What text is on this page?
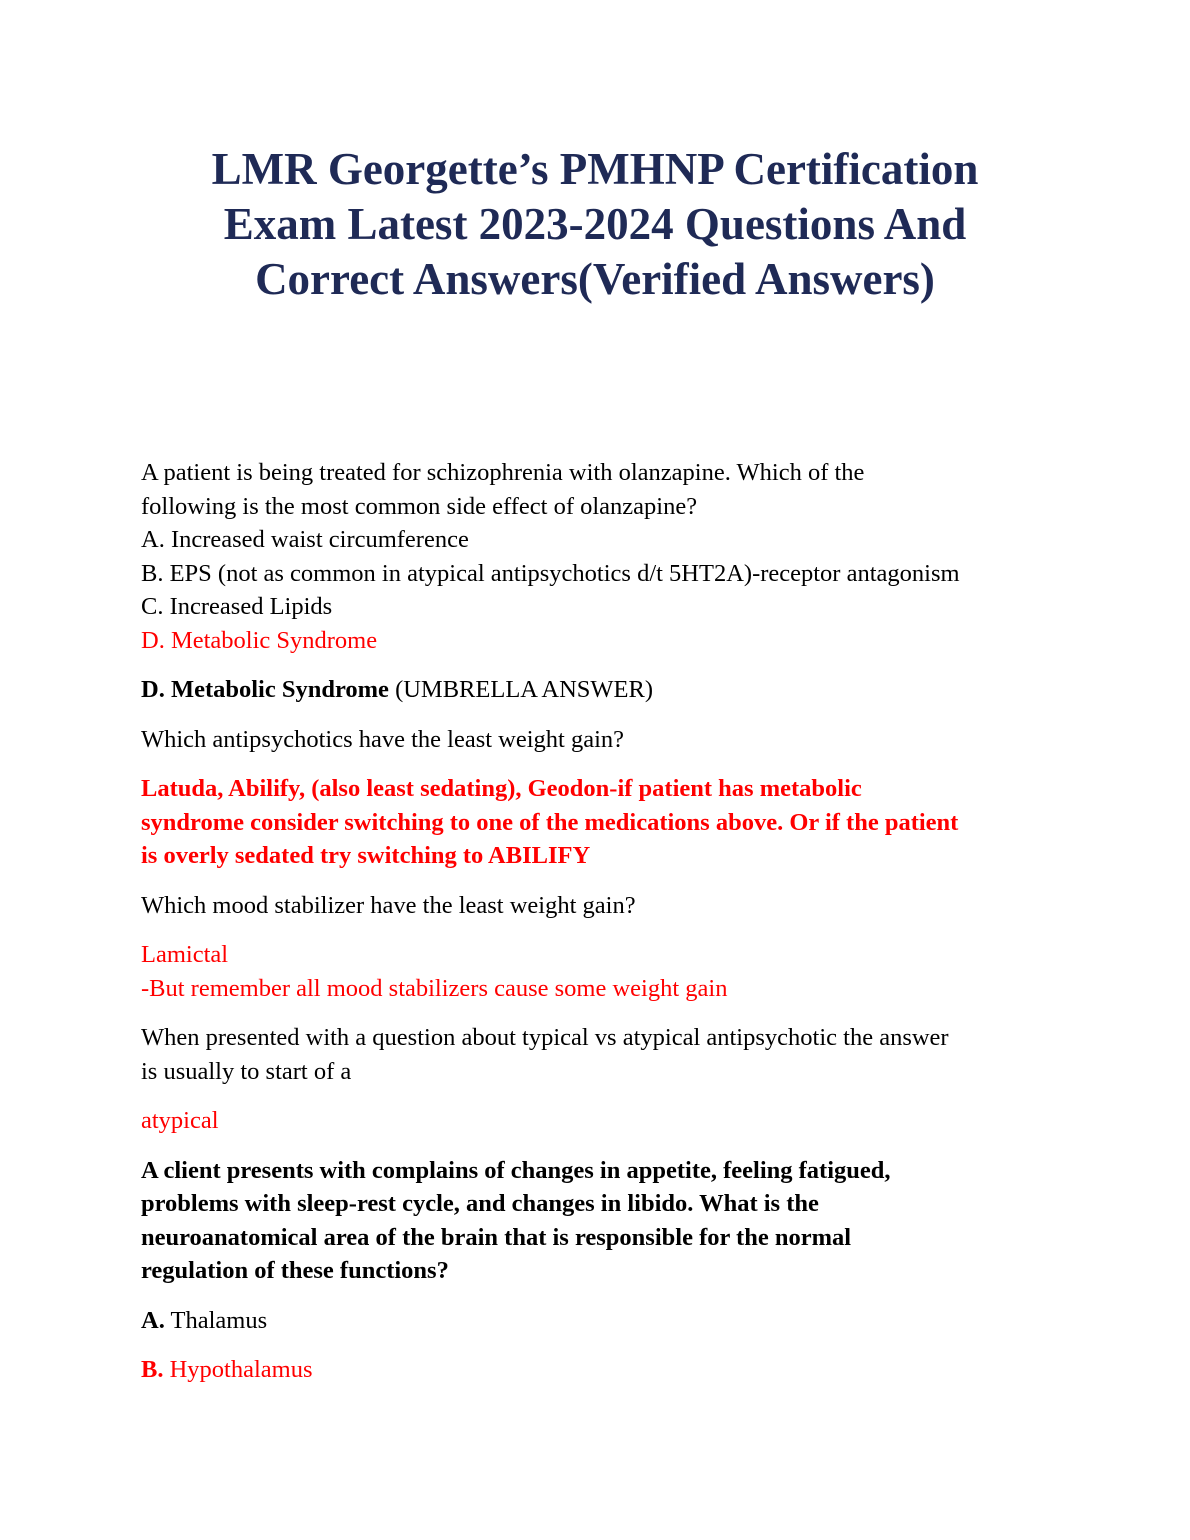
LMR Georgette’s PMHNP Certification
Exam Latest 2023-2024 Questions And
Correct Answers(Verified Answers)

A patient is being treated for schizophrenia with olanzapine. Which of the
following is the most common side effect of olanzapine?
A. Increased waist circumference
B. EPS (not as common in atypical antipsychotics d/t 5HT2A)-receptor antagonism
C. Increased Lipids
D. Metabolic Syndrome

D. Metabolic Syndrome (UMBRELLA ANSWER)

Which antipsychotics have the least weight gain?

Latuda, Abilify, (also least sedating), Geodon-if patient has metabolic
syndrome consider switching to one of the medications above. Or if the patient
is overly sedated try switching to ABILIFY

Which mood stabilizer have the least weight gain?

Lamictal
-But remember all mood stabilizers cause some weight gain

When presented with a question about typical vs atypical antipsychotic the answer
is usually to start of a

atypical

A client presents with complains of changes in appetite, feeling fatigued,
problems with sleep-rest cycle, and changes in libido. What is the
neuroanatomical area of the brain that is responsible for the normal
regulation of these functions?

A. Thalamus

B. Hypothalamus
